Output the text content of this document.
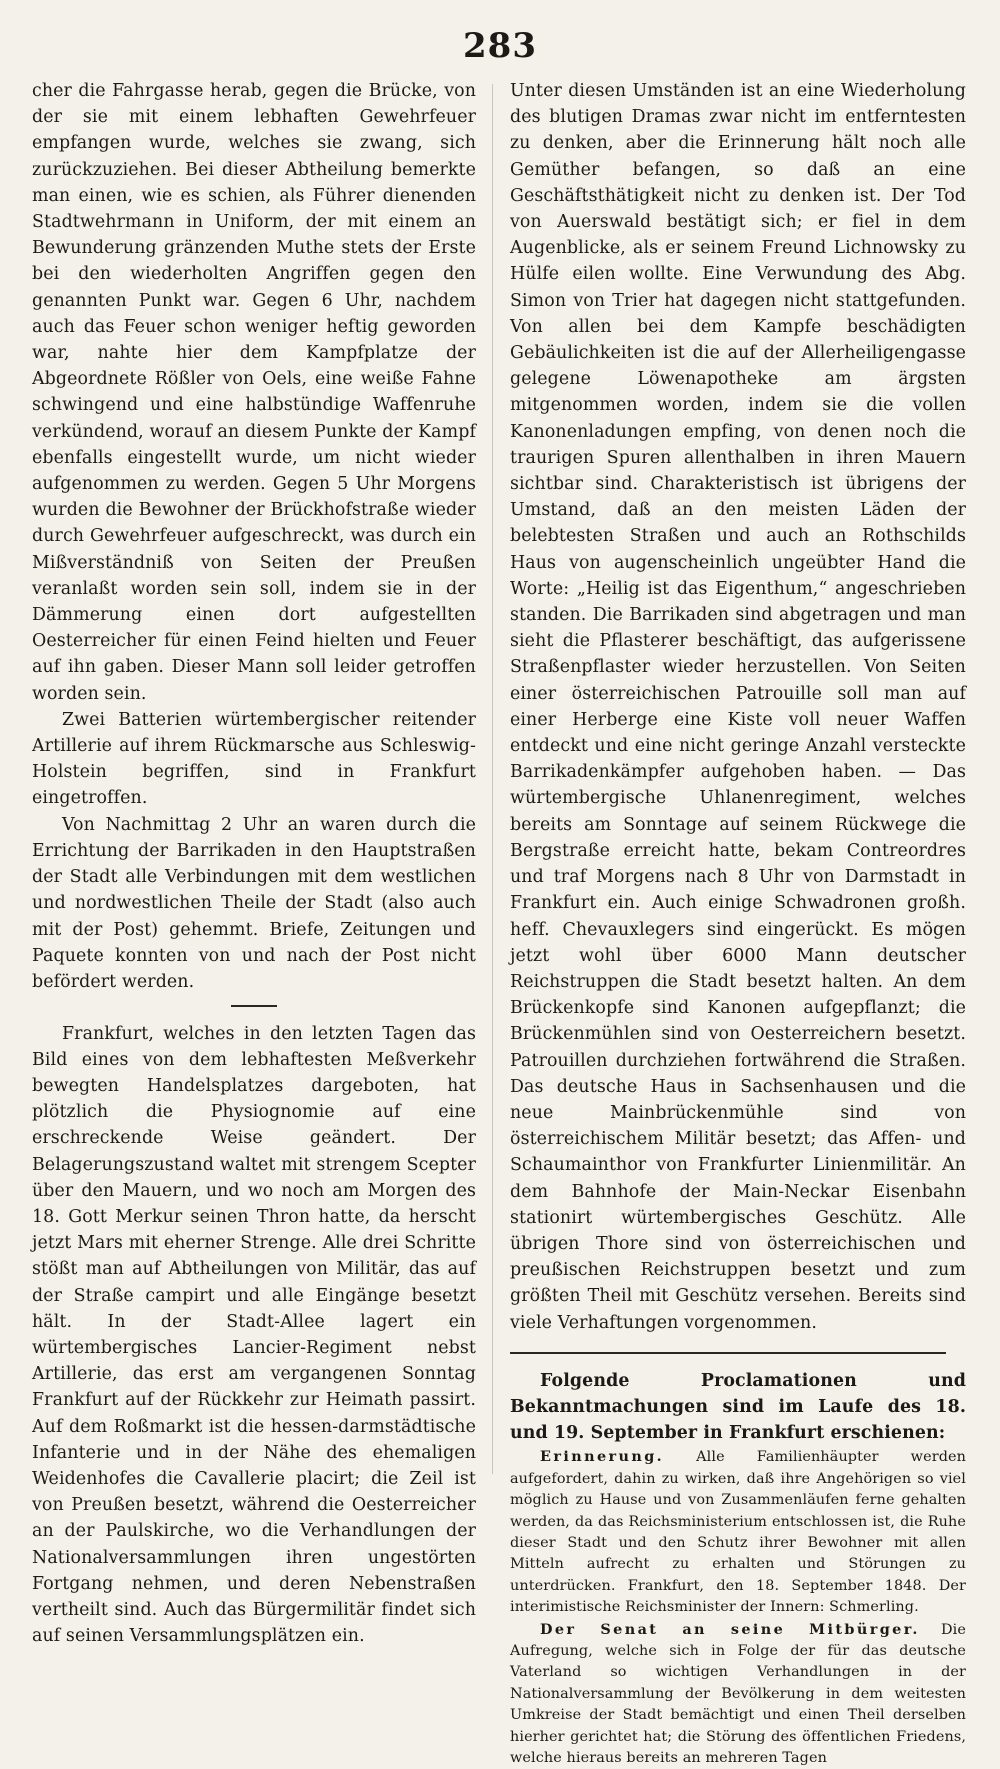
283

cher die Fahrgasse herab, gegen die Brücke, von der sie mit einem lebhaften Gewehrfeuer empfangen wurde, welches sie zwang, sich zurückzuziehen. Bei dieser Abtheilung bemerkte man einen, wie es schien, als Führer dienenden Stadtwehrmann in Uniform, der mit einem an Bewunderung gränzenden Muthe stets der Erste bei den wiederholten Angriffen gegen den genannten Punkt war. Gegen 6 Uhr, nachdem auch das Feuer schon weniger heftig geworden war, nahte hier dem Kampfplatze der Abgeordnete Rößler von Oels, eine weiße Fahne schwingend und eine halbstündige Waffenruhe verkündend, worauf an diesem Punkte der Kampf ebenfalls eingestellt wurde, um nicht wieder aufgenommen zu werden. Gegen 5 Uhr Morgens wurden die Bewohner der Brückhofstraße wieder durch Gewehrfeuer aufgeschreckt, was durch ein Mißverständniß von Seiten der Preußen veranlaßt worden sein soll, indem sie in der Dämmerung einen dort aufgestellten Oesterreicher für einen Feind hielten und Feuer auf ihn gaben. Dieser Mann soll leider getroffen worden sein.

Zwei Batterien würtembergischer reitender Artillerie auf ihrem Rückmarsche aus Schleswig-Holstein begriffen, sind in Frankfurt eingetroffen.

Von Nachmittag 2 Uhr an waren durch die Errichtung der Barrikaden in den Hauptstraßen der Stadt alle Verbindungen mit dem westlichen und nordwestlichen Theile der Stadt (also auch mit der Post) gehemmt. Briefe, Zeitungen und Paquete konnten von und nach der Post nicht befördert werden.

Frankfurt, welches in den letzten Tagen das Bild eines von dem lebhaftesten Meßverkehr bewegten Handelsplatzes dargeboten, hat plötzlich die Physiognomie auf eine erschreckende Weise geändert. Der Belagerungszustand waltet mit strengem Scepter über den Mauern, und wo noch am Morgen des 18. Gott Merkur seinen Thron hatte, da herscht jetzt Mars mit eherner Strenge. Alle drei Schritte stößt man auf Abtheilungen von Militär, das auf der Straße campirt und alle Eingänge besetzt hält. In der Stadt-Allee lagert ein würtembergisches Lancier-Regiment nebst Artillerie, das erst am vergangenen Sonntag Frankfurt auf der Rückkehr zur Heimath passirt. Auf dem Roßmarkt ist die hessen-darmstädtische Infanterie und in der Nähe des ehemaligen Weidenhofes die Cavallerie placirt; die Zeil ist von Preußen besetzt, während die Oesterreicher an der Paulskirche, wo die Verhandlungen der Nationalversammlungen ihren ungestörten Fortgang nehmen, und deren Nebenstraßen vertheilt sind. Auch das Bürgermilitär findet sich auf seinen Versammlungsplätzen ein.

Unter diesen Umständen ist an eine Wiederholung des blutigen Dramas zwar nicht im entferntesten zu denken, aber die Erinnerung hält noch alle Gemüther befangen, so daß an eine Geschäftsthätigkeit nicht zu denken ist. Der Tod von Auerswald bestätigt sich; er fiel in dem Augenblicke, als er seinem Freund Lichnowsky zu Hülfe eilen wollte. Eine Verwundung des Abg. Simon von Trier hat dagegen nicht stattgefunden. Von allen bei dem Kampfe beschädigten Gebäulichkeiten ist die auf der Allerheiligengasse gelegene Löwenapotheke am ärgsten mitgenommen worden, indem sie die vollen Kanonenladungen empfing, von denen noch die traurigen Spuren allenthalben in ihren Mauern sichtbar sind. Charakteristisch ist übrigens der Umstand, daß an den meisten Läden der belebtesten Straßen und auch an Rothschilds Haus von augenscheinlich ungeübter Hand die Worte: „Heilig ist das Eigenthum,“ angeschrieben standen. Die Barrikaden sind abgetragen und man sieht die Pflasterer beschäftigt, das aufgerissene Straßenpflaster wieder herzustellen. Von Seiten einer österreichischen Patrouille soll man auf einer Herberge eine Kiste voll neuer Waffen entdeckt und eine nicht geringe Anzahl versteckte Barrikadenkämpfer aufgehoben haben. — Das würtembergische Uhlanenregiment, welches bereits am Sonntage auf seinem Rückwege die Bergstraße erreicht hatte, bekam Contreordres und traf Morgens nach 8 Uhr von Darmstadt in Frankfurt ein. Auch einige Schwadronen großh. heff. Chevauxlegers sind eingerückt. Es mögen jetzt wohl über 6000 Mann deutscher Reichstruppen die Stadt besetzt halten. An dem Brückenkopfe sind Kanonen aufgepflanzt; die Brückenmühlen sind von Oesterreichern besetzt. Patrouillen durchziehen fortwährend die Straßen. Das deutsche Haus in Sachsenhausen und die neue Mainbrückenmühle sind von österreichischem Militär besetzt; das Affen- und Schaumainthor von Frankfurter Linienmilitär. An dem Bahnhofe der Main-Neckar Eisenbahn stationirt würtembergisches Geschütz. Alle übrigen Thore sind von österreichischen und preußischen Reichstruppen besetzt und zum größten Theil mit Geschütz versehen. Bereits sind viele Verhaftungen vorgenommen.

Folgende Proclamationen und Bekanntmachungen sind im Laufe des 18. und 19. September in Frankfurt erschienen:

Erinnerung. Alle Familienhäupter werden aufgefordert, dahin zu wirken, daß ihre Angehörigen so viel möglich zu Hause und von Zusammenläufen ferne gehalten werden, da das Reichsministerium entschlossen ist, die Ruhe dieser Stadt und den Schutz ihrer Bewohner mit allen Mitteln aufrecht zu erhalten und Störungen zu unterdrücken. Frankfurt, den 18. September 1848. Der interimistische Reichsminister der Innern: Schmerling.

Der Senat an seine Mitbürger. Die Aufregung, welche sich in Folge der für das deutsche Vaterland so wichtigen Verhandlungen in der Nationalversammlung der Bevölkerung in dem weitesten Umkreise der Stadt bemächtigt und einen Theil derselben hierher gerichtet hat; die Störung des öffentlichen Friedens, welche hieraus bereits an mehreren Tagen
